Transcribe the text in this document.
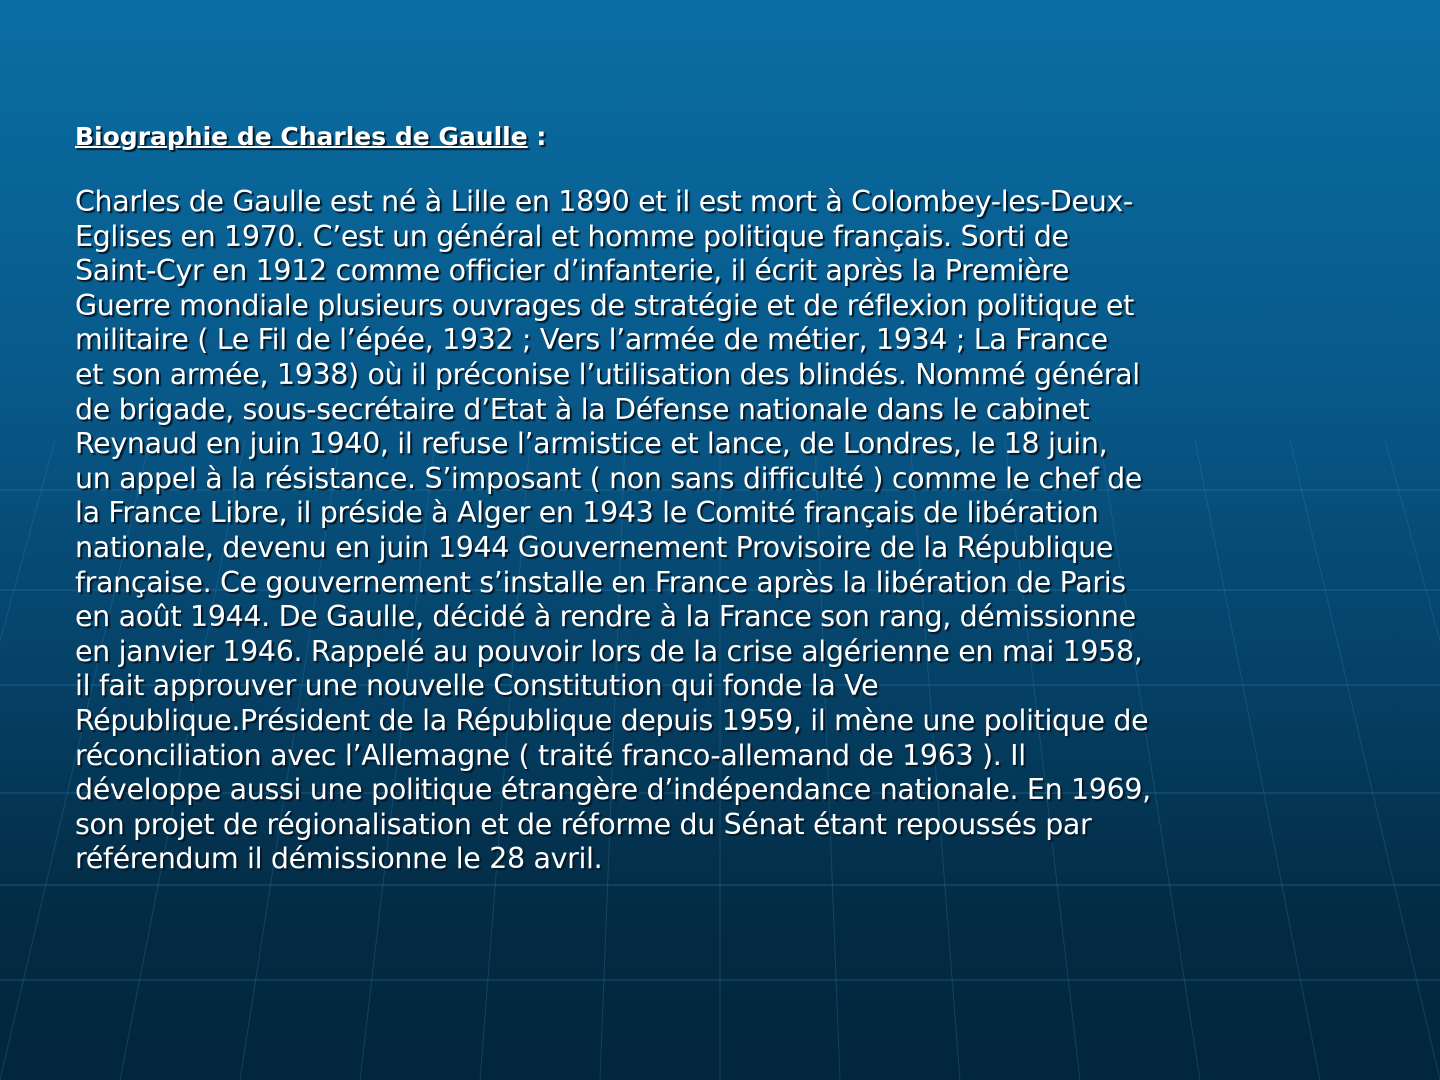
Biographie de Charles de Gaulle :
Charles de Gaulle est né à Lille en 1890 et il est mort à Colombey-les-Deux-
Eglises en 1970. C’est un général et homme politique français. Sorti de
Saint-Cyr en 1912 comme officier d’infanterie, il écrit après la Première
Guerre mondiale plusieurs ouvrages de stratégie et de réflexion politique et
militaire ( Le Fil de l’épée, 1932 ; Vers l’armée de métier, 1934 ; La France
et son armée, 1938) où il préconise l’utilisation des blindés. Nommé général
de brigade, sous-secrétaire d’Etat à la Défense nationale dans le cabinet
Reynaud en juin 1940, il refuse l’armistice et lance, de Londres, le 18 juin,
un appel à la résistance. S’imposant ( non sans difficulté ) comme le chef de
la France Libre, il préside à Alger en 1943 le Comité français de libération
nationale, devenu en juin 1944 Gouvernement Provisoire de la République
française. Ce gouvernement s’installe en France après la libération de Paris
en août 1944. De Gaulle, décidé à rendre à la France son rang, démissionne
en janvier 1946. Rappelé au pouvoir lors de la crise algérienne en mai 1958,
il fait approuver une nouvelle Constitution qui fonde la Ve
République.Président de la République depuis 1959, il mène une politique de
réconciliation avec l’Allemagne ( traité franco-allemand de 1963 ). Il
développe aussi une politique étrangère d’indépendance nationale. En 1969,
son projet de régionalisation et de réforme du Sénat étant repoussés par
référendum il démissionne le 28 avril.
